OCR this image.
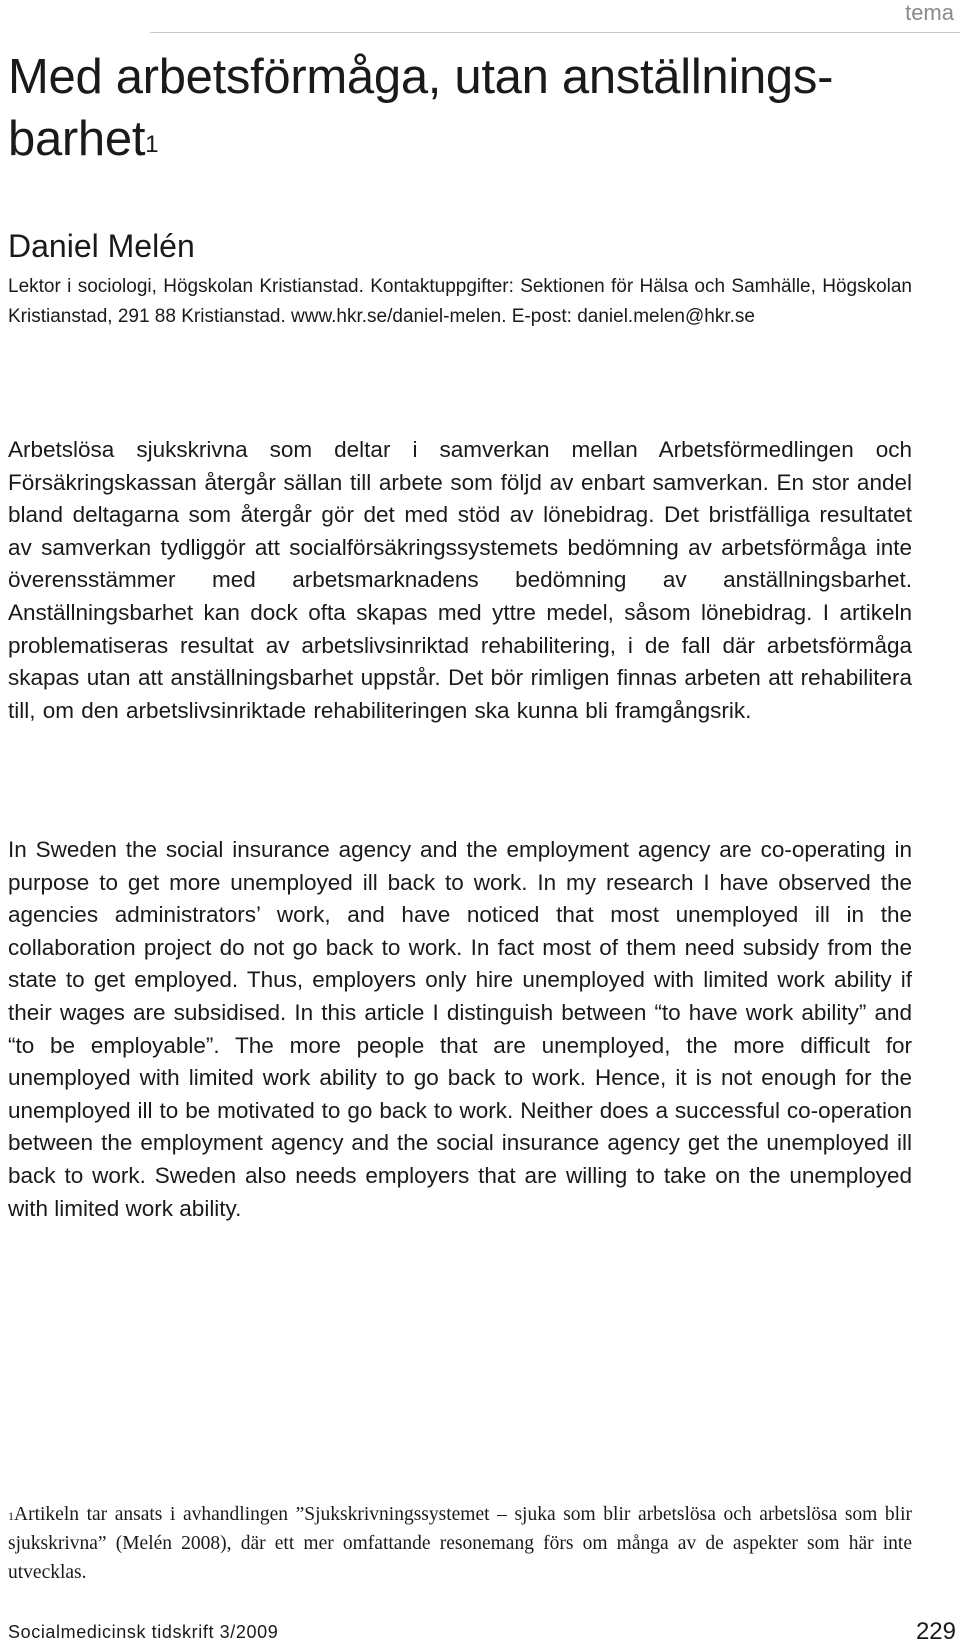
tema
Med arbetsförmåga, utan anställnings-barhet$^1$
Daniel Melén
Lektor i sociologi, Högskolan Kristianstad. Kontaktuppgifter: Sektionen för Hälsa och Samhälle, Högskolan Kristianstad, 291 88 Kristianstad. www.hkr.se/daniel-melen. E-post: daniel.melen@hkr.se

Arbetslösa sjukskrivna som deltar i samverkan mellan Arbetsförmedlingen och Försäkringskassan återgår sällan till arbete som följd av enbart samverkan. En stor andel bland deltagarna som återgår gör det med stöd av lönebidrag. Det bristfälliga resultatet av samverkan tydliggör att socialförsäkringssystemets bedömning av arbetsförmåga inte överensstämmer med arbetsmarknadens bedömning av anställningsbarhet. Anställningsbarhet kan dock ofta skapas med yttre medel, såsom lönebidrag. I artikeln problematiseras resultat av arbetslivsinriktad rehabilitering, i de fall där arbetsförmåga skapas utan att anställningsbarhet uppstår. Det bör rimligen finnas arbeten att rehabilitera till, om den arbetslivsinriktade rehabiliteringen ska kunna bli framgångsrik.

In Sweden the social insurance agency and the employment agency are co-operating in purpose to get more unemployed ill back to work. In my research I have observed the agencies administrators’ work, and have noticed that most unemployed ill in the collaboration project do not go back to work. In fact most of them need subsidy from the state to get employed. Thus, employers only hire unemployed with limited work ability if their wages are subsidised. In this article I distinguish between “to have work ability” and “to be employable”. The more people that are unemployed, the more difficult for unemployed with limited work ability to go back to work. Hence, it is not enough for the unemployed ill to be motivated to go back to work. Neither does a successful co-operation between the employment agency and the social insurance agency get the unemployed ill back to work. Sweden also needs employers that are willing to take on the unemployed with limited work ability.

$^1$Artikeln tar ansats i avhandlingen ”Sjukskrivningssystemet – sjuka som blir arbetslösa och arbetslösa som blir sjukskrivna” (Melén 2008), där ett mer omfattande resonemang förs om många av de aspekter som här inte utvecklas.

Socialmedicinsk tidskrift 3/2009	229
